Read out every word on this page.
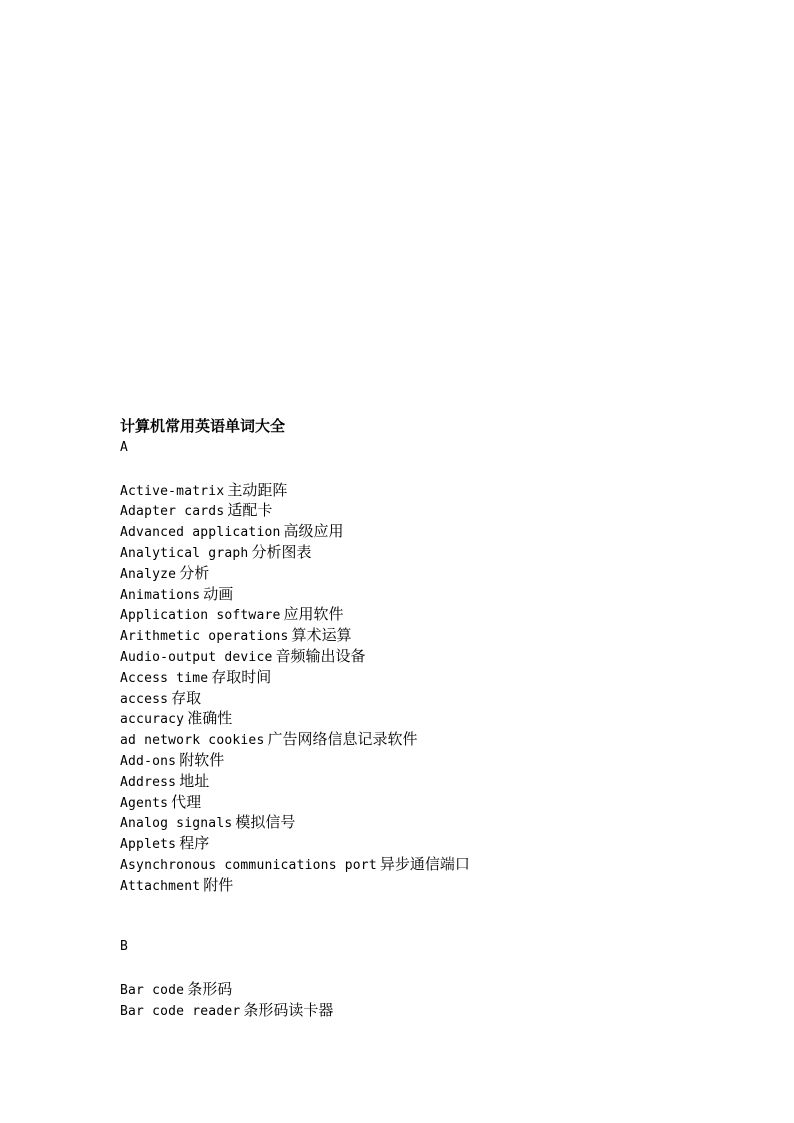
计算机常用英语单词大全
A
Active-matrix 主动距阵
Adapter cards 适配卡
Advanced application 高级应用
Analytical graph 分析图表
Analyze 分析
Animations 动画
Application software 应用软件
Arithmetic operations 算术运算
Audio-output device 音频输出设备
Access time 存取时间
access 存取
accuracy 准确性
ad network cookies 广告网络信息记录软件
Add-ons 附软件
Address 地址
Agents 代理
Analog signals 模拟信号
Applets 程序
Asynchronous communications port 异步通信端口
Attachment 附件
B
Bar code 条形码
Bar code reader 条形码读卡器
